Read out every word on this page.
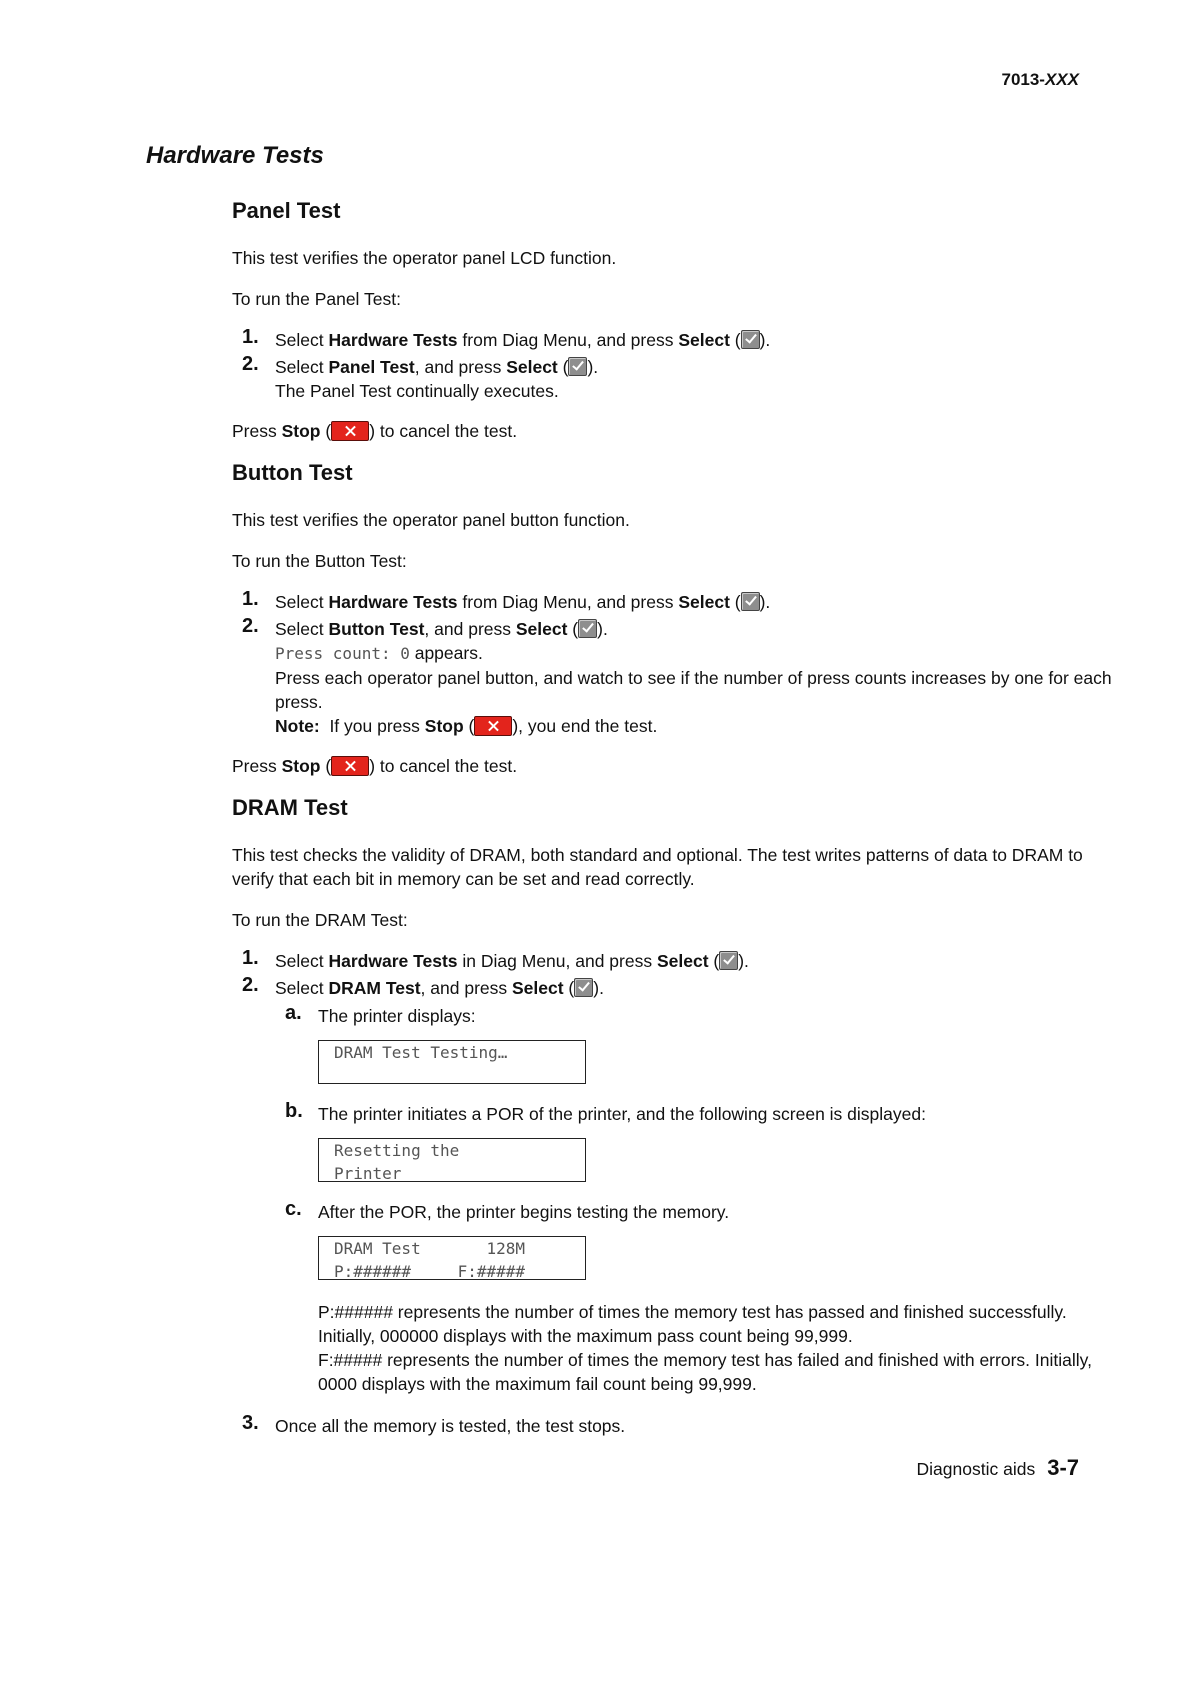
7013-XXX
Hardware Tests
Panel Test

This test verifies the operator panel LCD function.

To run the Panel Test:

1. Select Hardware Tests from Diag Menu, and press Select ( ).
2. Select Panel Test, and press Select ( ).
The Panel Test continually executes.

Press Stop ( ) to cancel the test.

Button Test

This test verifies the operator panel button function.

To run the Button Test:

1. Select Hardware Tests from Diag Menu, and press Select ( ).
2. Select Button Test, and press Select ( ).
Press count: 0 appears.
Press each operator panel button, and watch to see if the number of press counts increases by one for each press.
Note:  If you press Stop ( ), you end the test.

Press Stop ( ) to cancel the test.

DRAM Test

This test checks the validity of DRAM, both standard and optional. The test writes patterns of data to DRAM to verify that each bit in memory can be set and read correctly.

To run the DRAM Test:

1. Select Hardware Tests in Diag Menu, and press Select ( ).
2. Select DRAM Test, and press Select ( ).
a. The printer displays:
DRAM Test Testing…
b. The printer initiates a POR of the printer, and the following screen is displayed:
Resetting the
Printer
c. After the POR, the printer begins testing the memory.
DRAM Test	128M
P:######	F:#####
P:###### represents the number of times the memory test has passed and finished successfully. Initially, 000000 displays with the maximum pass count being 99,999.
F:##### represents the number of times the memory test has failed and finished with errors. Initially, 0000 displays with the maximum fail count being 99,999.
3. Once all the memory is tested, the test stops.
Diagnostic aids 3-7
